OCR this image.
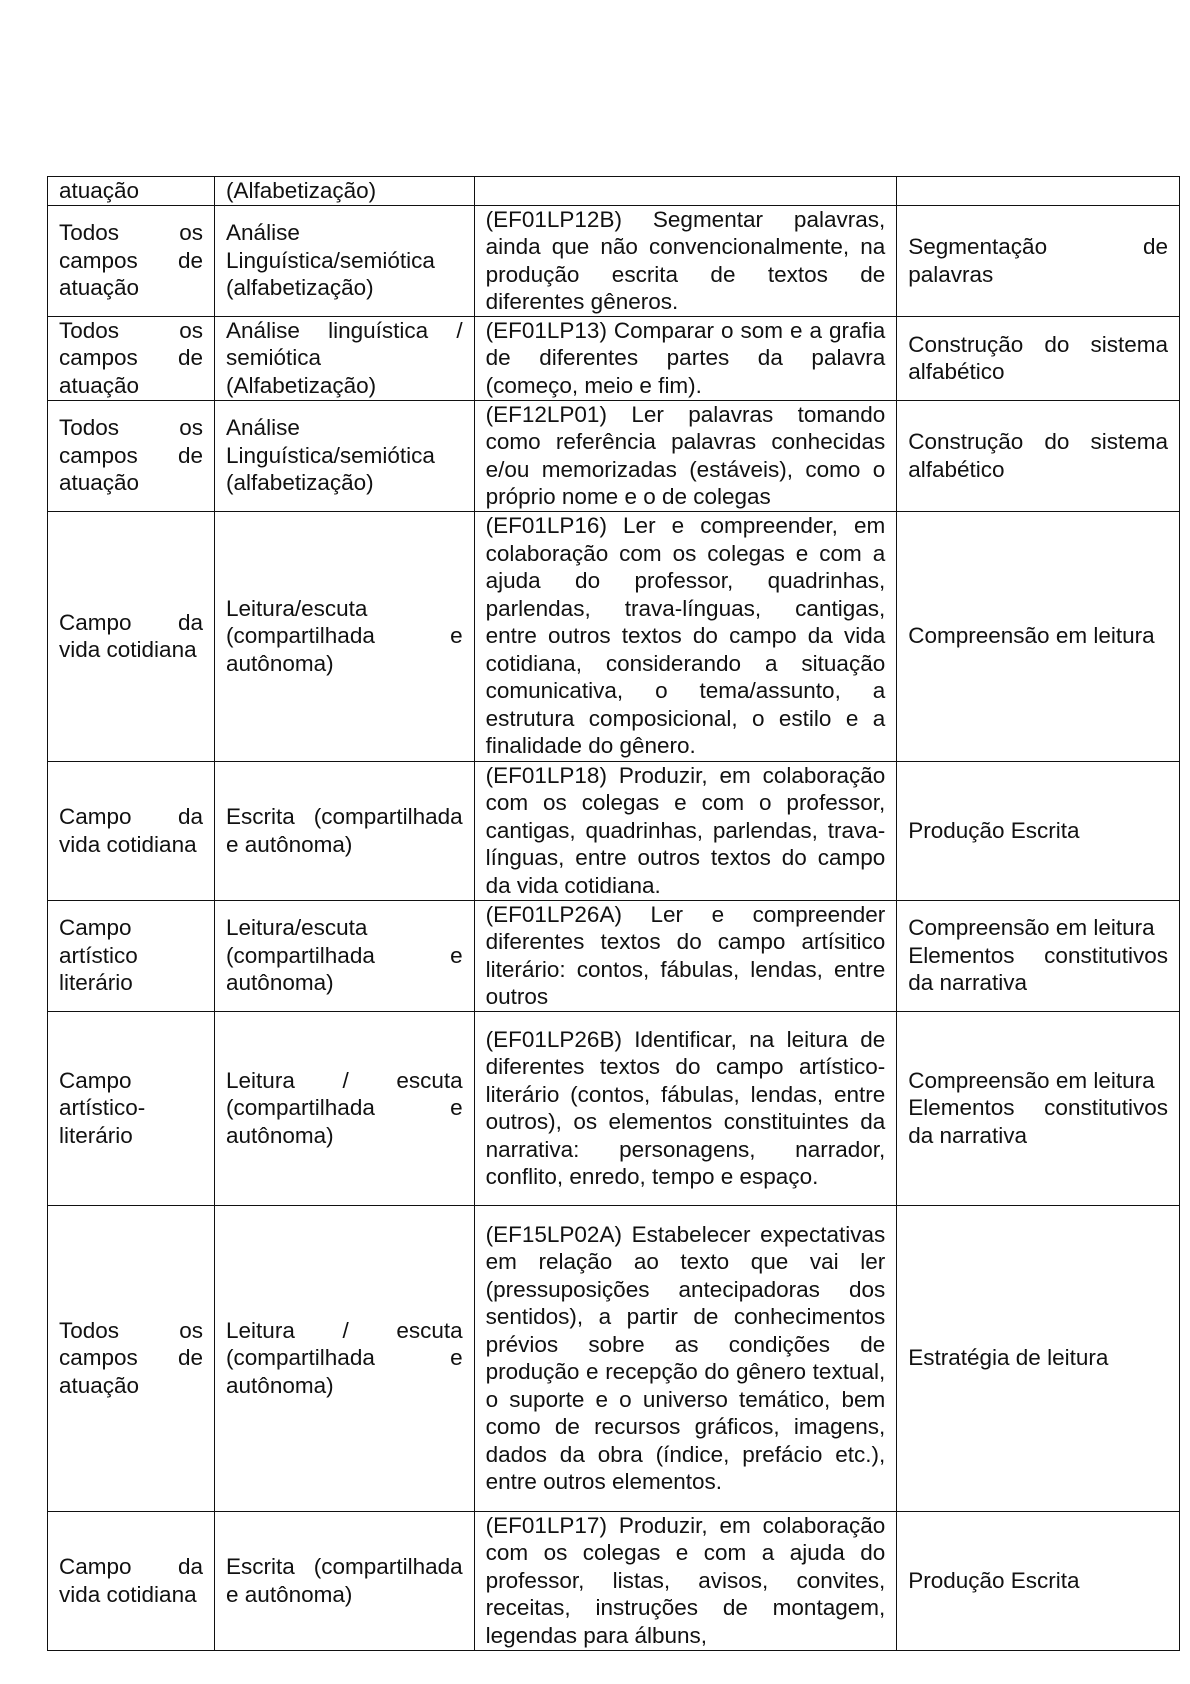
atuação	(Alfabetização)		

Todos os campos de atuação	Análise Linguística/semiótica (alfabetização)	(EF01LP12B) Segmentar palavras, ainda que não convencionalmente, na produção escrita de textos de diferentes gêneros.	Segmentação de palavras

Todos os campos de atuação	Análise linguística / semiótica (Alfabetização)	(EF01LP13) Comparar o som e a grafia de diferentes partes da palavra (começo, meio e fim).	Construção do sistema alfabético

Todos os campos de atuação	Análise Linguística/semiótica (alfabetização)	(EF12LP01) Ler palavras tomando como referência palavras conhecidas e/ou memorizadas (estáveis), como o próprio nome e o de colegas	Construção do sistema alfabético

Campo da vida cotidiana	Leitura/escuta (compartilhada e autônoma)	(EF01LP16) Ler e compreender, em colaboração com os colegas e com a ajuda do professor, quadrinhas, parlendas, trava-línguas, cantigas, entre outros textos do campo da vida cotidiana, considerando a situação comunicativa, o tema/assunto, a estrutura composicional, o estilo e a finalidade do gênero.	Compreensão em leitura

Campo da vida cotidiana	Escrita (compartilhada e autônoma)	(EF01LP18) Produzir, em colaboração com os colegas e com o professor, cantigas, quadrinhas, parlendas, trava-línguas, entre outros textos do campo da vida cotidiana.	Produção Escrita

Campo artístico literário	Leitura/escuta (compartilhada e autônoma)	(EF01LP26A) Ler e compreender diferentes textos do campo artísitico literário: contos, fábulas, lendas, entre outros	Compreensão em leitura
Elementos constitutivos da narrativa

Campo artístico-literário	Leitura / escuta (compartilhada e autônoma)	(EF01LP26B) Identificar, na leitura de diferentes textos do campo artístico-literário (contos, fábulas, lendas, entre outros), os elementos constituintes da narrativa: personagens, narrador, conflito, enredo, tempo e espaço.	Compreensão em leitura
Elementos constitutivos da narrativa

Todos os campos de atuação	Leitura / escuta (compartilhada e autônoma)	(EF15LP02A) Estabelecer expectativas em relação ao texto que vai ler (pressuposições antecipadoras dos sentidos), a partir de conhecimentos prévios sobre as condições de produção e recepção do gênero textual, o suporte e o universo temático, bem como de recursos gráficos, imagens, dados da obra (índice, prefácio etc.), entre outros elementos.	Estratégia de leitura

Campo da vida cotidiana	Escrita (compartilhada e autônoma)	(EF01LP17) Produzir, em colaboração com os colegas e com a ajuda do professor, listas, avisos, convites, receitas, instruções de montagem, legendas para álbuns,	Produção Escrita
